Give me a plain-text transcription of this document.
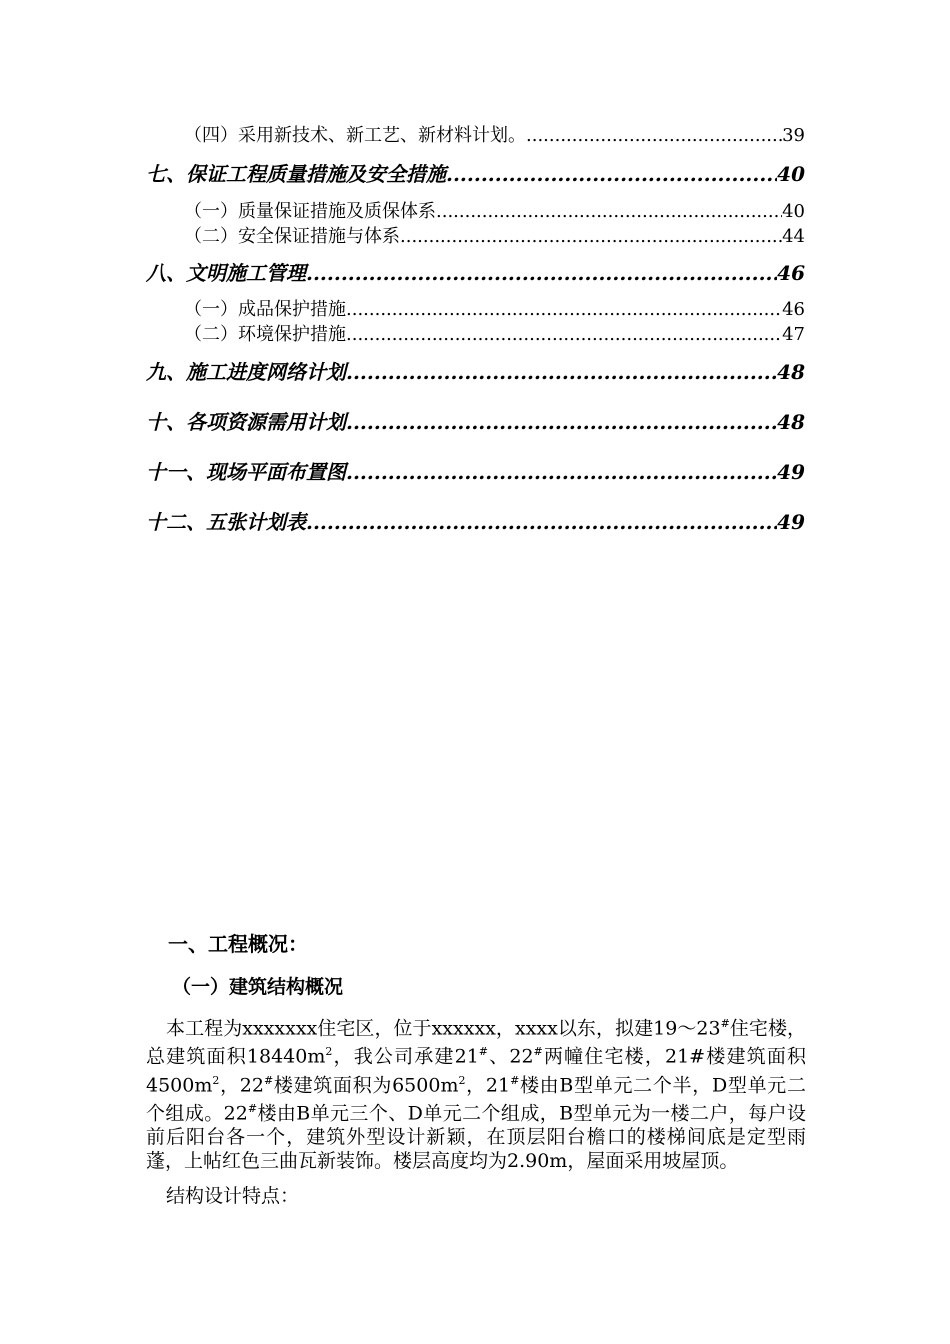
（四）采用新技术、新工艺、新材料计划。 .....	39
七、保证工程质量措施及安全措施 .....	40
（一）质量保证措施及质保体系 .....	40
（二）安全保证措施与体系 .....	44
八、文明施工管理 .....	46
（一）成品保护措施 .....	46
（二）环境保护措施 .....	47
九、施工进度网络计划 .....	48
十、各项资源需用计划 .....	48
十一、现场平面布置图 .....	49
十二、五张计划表 .....	49
一、工程概况：
（一）建筑结构概况
本工程为xxxxxxx住宅区，位于xxxxxx，xxxx以东，拟建19～23#住宅楼，总建筑面积$18440m^2$，我公司承建21#、22#两幢住宅楼，21#楼建筑面积$4500m^2$，22#楼建筑面积为$6500m^2$，21#楼由B型单元二个半，D型单元二个组成。22#楼由B单元三个、D单元二个组成，B型单元为一楼二户，每户设前后阳台各一个，建筑外型设计新颖，在顶层阳台檐口的楼梯间底是定型雨蓬，上帖红色三曲瓦新装饰。楼层高度均为2.90m，屋面采用坡屋顶。
结构设计特点：
